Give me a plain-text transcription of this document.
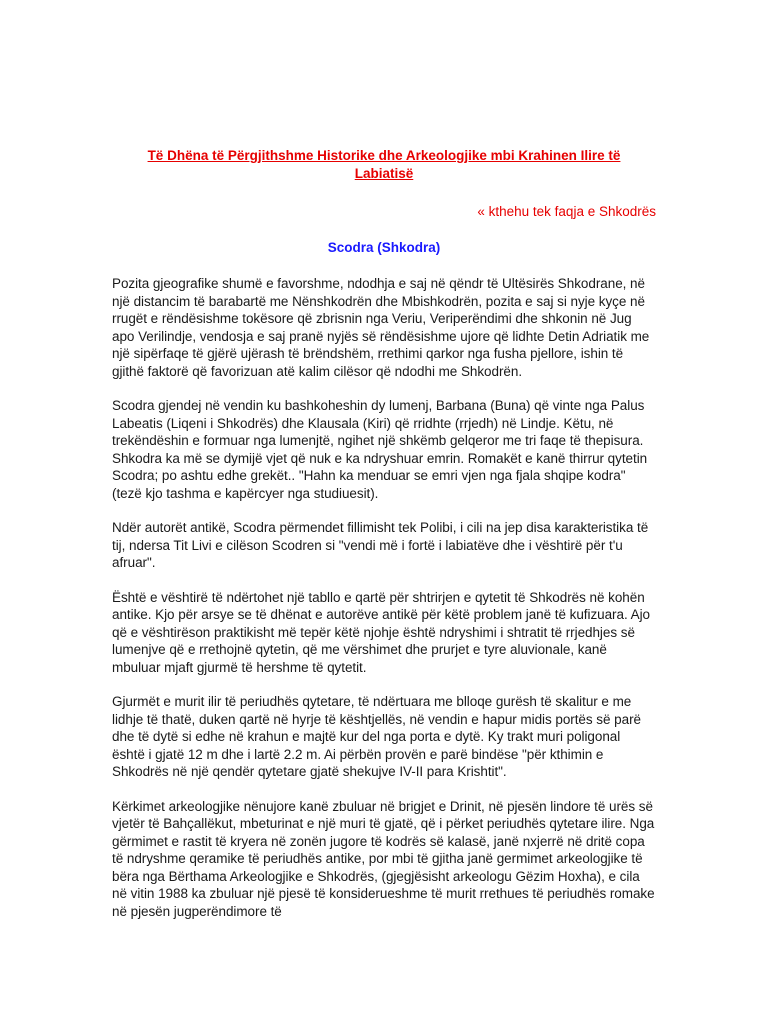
Të Dhëna të Përgjithshme Historike dhe Arkeologjike mbi Krahinen Ilire të Labiatisë
« kthehu tek faqja e Shkodrës
Scodra (Shkodra)

Pozita gjeografike shumë e favorshme, ndodhja e saj në qëndr të Ultësirës Shkodrane, në një distancim të barabartë me Nënshkodrën dhe Mbishkodrën, pozita e saj si nyje kyçe në rrugët e rëndësishme tokësore që zbrisnin nga Veriu, Veriperëndimi dhe shkonin në Jug apo Verilindje, vendosja e saj pranë nyjës së rëndësishme ujore që lidhte Detin Adriatik me një sipërfaqe të gjërë ujërash të brëndshëm, rrethimi qarkor nga fusha pjellore, ishin të gjithë faktorë që favorizuan atë kalim cilësor që ndodhi me Shkodrën.

Scodra gjendej në vendin ku bashkoheshin dy lumenj, Barbana (Buna) që vinte nga Palus Labeatis (Liqeni i Shkodrës) dhe Klausala (Kiri) që rridhte (rrjedh) në Lindje. Këtu, në trekëndëshin e formuar nga lumenjtë, ngihet një shkëmb gelqeror me tri faqe të thepisura. Shkodra ka më se dymijë vjet që nuk e ka ndryshuar emrin. Romakët e kanë thirrur qytetin Scodra; po ashtu edhe grekët.. "Hahn ka menduar se emri vjen nga fjala shqipe kodra" (tezë kjo tashma e kapërcyer nga studiuesit).

Ndër autorët antikë, Scodra përmendet fillimisht tek Polibi, i cili na jep disa karakteristika të tij, ndersa Tit Livi e cilëson Scodren si "vendi më i fortë i labiatëve dhe i vështirë për t'u afruar".

Është e vështirë të ndërtohet një tabllo e qartë për shtrirjen e qytetit të Shkodrës në kohën antike. Kjo për arsye se të dhënat e autorëve antikë për këtë problem janë të kufizuara. Ajo që e vështirëson praktikisht më tepër këtë njohje është ndryshimi i shtratit të rrjedhjes së lumenjve që e rrethojnë qytetin, që me vërshimet dhe prurjet e tyre aluvionale, kanë mbuluar mjaft gjurmë të hershme të qytetit.

Gjurmët e murit ilir të periudhës qytetare, të ndërtuara me blloqe gurësh të skalitur e me lidhje të thatë, duken qartë në hyrje të kështjellës, në vendin e hapur midis portës së parë dhe të dytë si edhe në krahun e majtë kur del nga porta e dytë. Ky trakt muri poligonal është i gjatë 12 m dhe i lartë 2.2 m. Ai përbën provën e parë bindëse "për kthimin e Shkodrës në një qendër qytetare gjatë shekujve IV-II para Krishtit".

Kërkimet arkeologjike nënujore kanë zbuluar në brigjet e Drinit, në pjesën lindore të urës së vjetër të Bahçallëkut, mbeturinat e një muri të gjatë, që i përket periudhës qytetare ilire. Nga gërmimet e rastit të kryera në zonën jugore të kodrës së kalasë, janë nxjerrë në dritë copa të ndryshme qeramike të periudhës antike, por mbi të gjitha janë germimet arkeologjike të bëra nga Bërthama Arkeologjike e Shkodrës, (gjegjësisht arkeologu Gëzim Hoxha), e cila në vitin 1988 ka zbuluar një pjesë të konsiderueshme të murit rrethues të periudhës romake në pjesën jugperëndimore të
